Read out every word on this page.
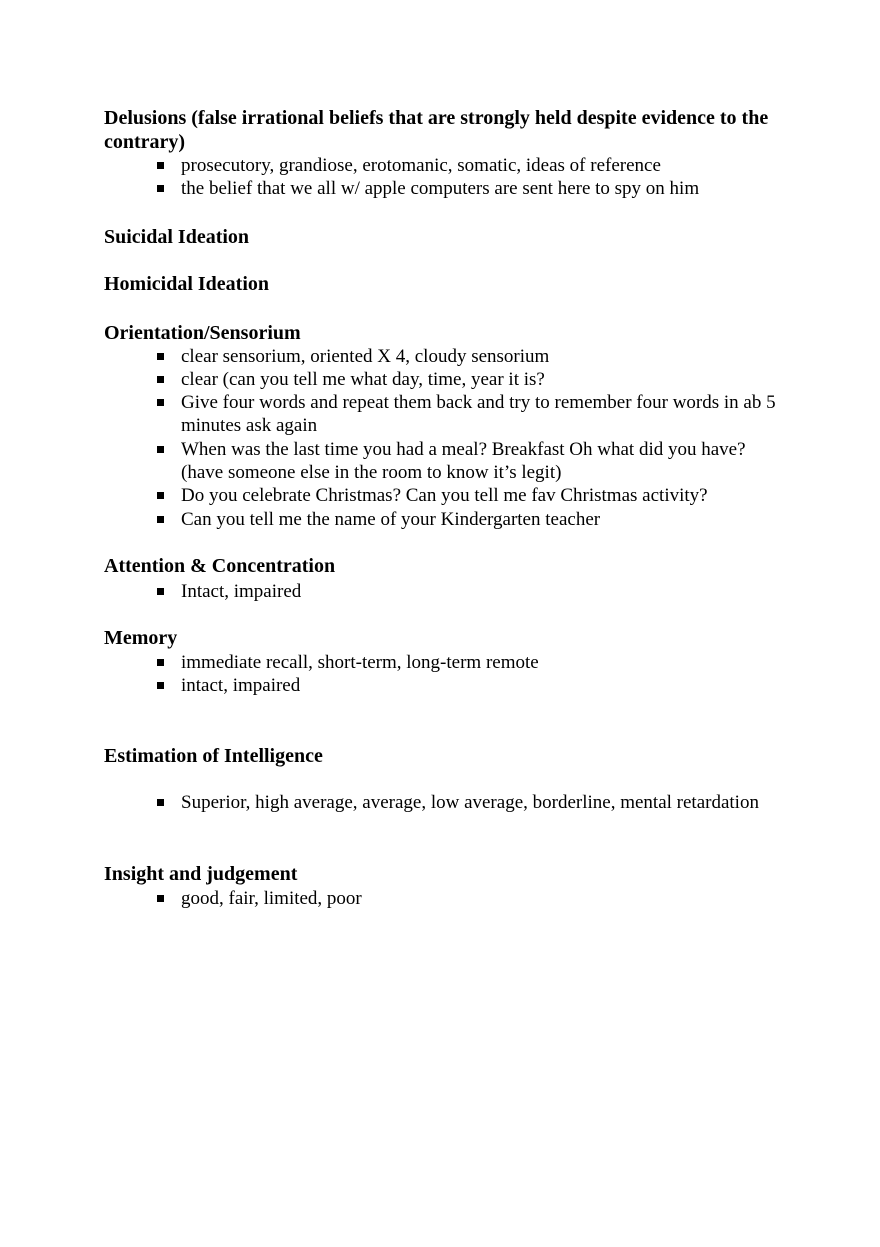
Delusions (false irrational beliefs that are strongly held despite evidence to the contrary)
prosecutory, grandiose, erotomanic, somatic, ideas of reference
the belief that we all w/ apple computers are sent here to spy on him
Suicidal Ideation
Homicidal Ideation
Orientation/Sensorium
clear sensorium, oriented X 4, cloudy sensorium
clear (can you tell me what day, time, year it is?
Give four words and repeat them back and try to remember four words in ab 5 minutes ask again
When was the last time you had a meal? Breakfast Oh what did you have? (have someone else in the room to know it’s legit)
Do you celebrate Christmas? Can you tell me fav Christmas activity?
Can you tell me the name of your Kindergarten teacher
Attention & Concentration
Intact, impaired
Memory
immediate recall, short-term, long-term remote
intact, impaired
Estimation of Intelligence
Superior, high average, average, low average, borderline, mental retardation
Insight and judgement
good, fair, limited, poor
